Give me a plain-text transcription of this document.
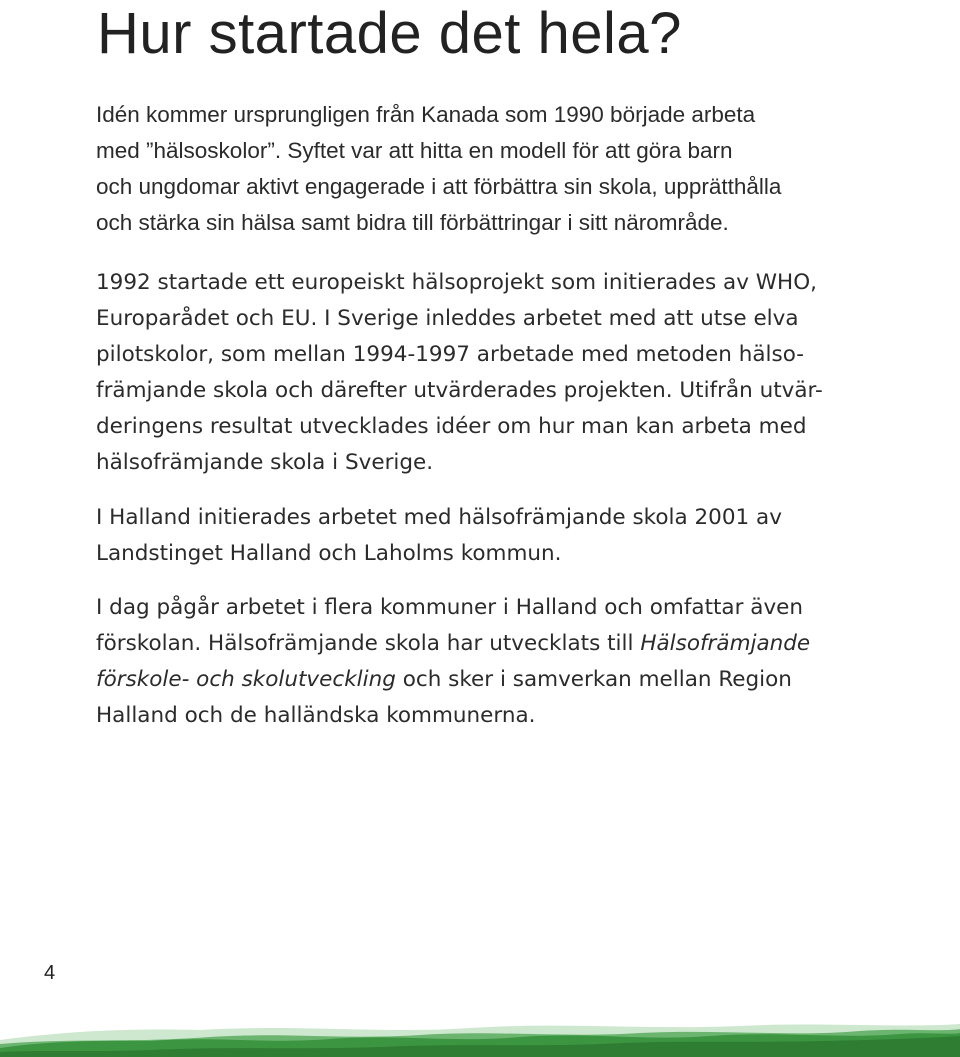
Hur startade det hela?

Idén kommer ursprungligen från Kanada som 1990 började arbeta
med ”hälsoskolor”. Syftet var att hitta en modell för att göra barn
och ungdomar aktivt engagerade i att förbättra sin skola, upprätthålla
och stärka sin hälsa samt bidra till förbättringar i sitt närområde.

1992 startade ett europeiskt hälsoprojekt som initierades av WHO,
Europarådet och EU. I Sverige inleddes arbetet med att utse elva
pilotskolor, som mellan 1994-1997 arbetade med metoden hälso-
främjande skola och därefter utvärderades projekten. Utifrån utvär-
deringens resultat utvecklades idéer om hur man kan arbeta med
hälsofrämjande skola i Sverige.

I Halland initierades arbetet med hälsofrämjande skola 2001 av
Landstinget Halland och Laholms kommun.

I dag pågår arbetet i flera kommuner i Halland och omfattar även
förskolan. Hälsofrämjande skola har utvecklats till Hälsofrämjande
förskole- och skolutveckling och sker i samverkan mellan Region
Halland och de halländska kommunerna.

4
